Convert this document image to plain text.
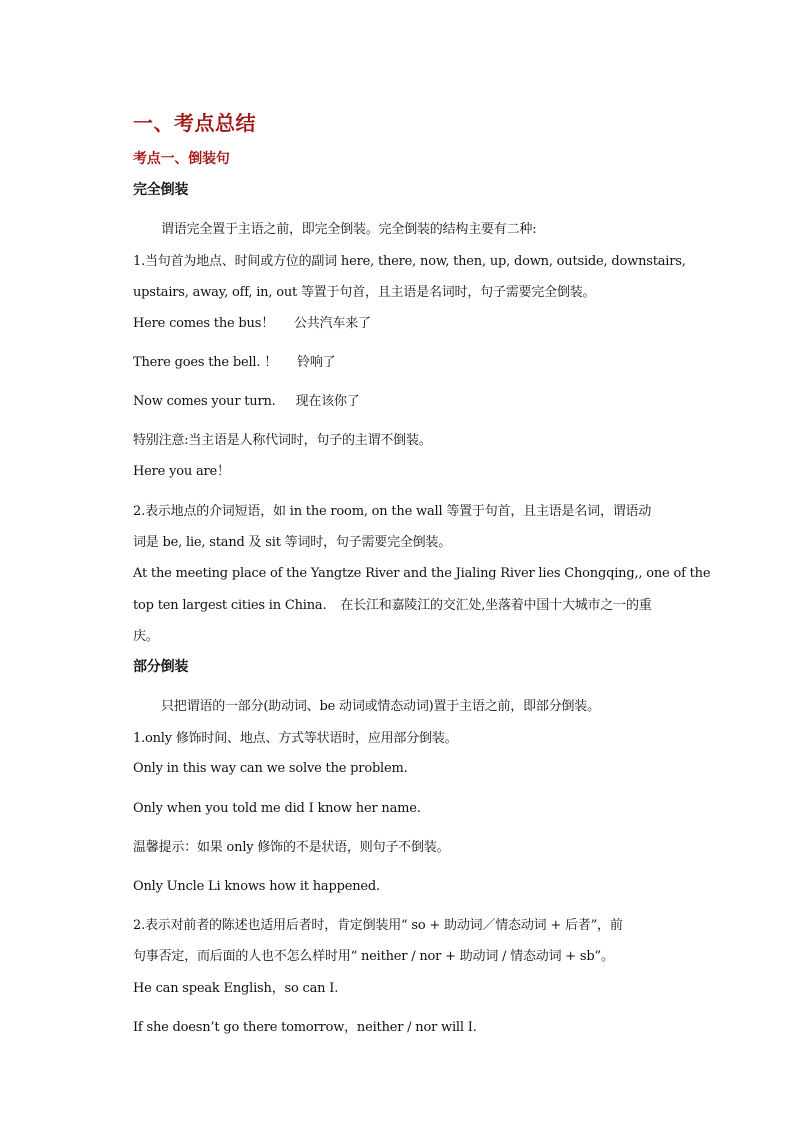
一、考点总结
考点一、倒装句
完全倒装
谓语完全置于主语之前，即完全倒装。完全倒装的结构主要有二种:
1.当句首为地点、时间或方位的副词 here, there, now, then, up, down, outside, downstairs,
upstairs, away, off, in, out 等置于句首，且主语是名词时，句子需要完全倒装。
Here comes the bus！ 公共汽车来了
There goes the bell. ！ 铃响了
Now comes your turn. 现在该你了
特别注意:当主语是人称代词时，句子的主谓不倒装。
Here you are！
2.表示地点的介词短语，如 in the room, on the wall 等置于句首，且主语是名词，谓语动
词是 be, lie, stand 及 sit 等词时，句子需要完全倒装。
At the meeting place of the Yangtze River and the Jialing River lies Chongqing,, one of the
top ten largest cities in China. 在长江和嘉陵江的交汇处,坐落着中国十大城市之一的重
庆。
部分倒装
只把谓语的一部分(助动词、be 动词或情态动词)置于主语之前，即部分倒装。
1.only 修饰时间、地点、方式等状语时，应用部分倒装。
Only in this way can we solve the problem.
Only when you told me did I know her name.
温馨提示：如果 only 修饰的不是状语，则句子不倒装。
Only Uncle Li knows how it happened.
2.表示对前者的陈述也适用后者时，肯定倒装用“ so + 助动词／情态动词 + 后者”，前
句事否定，而后面的人也不怎么样时用“ neither / nor + 助动词 / 情态动词 + sb”。
He can speak English，so can I.
If she doesn’t go there tomorrow，neither / nor will I.
